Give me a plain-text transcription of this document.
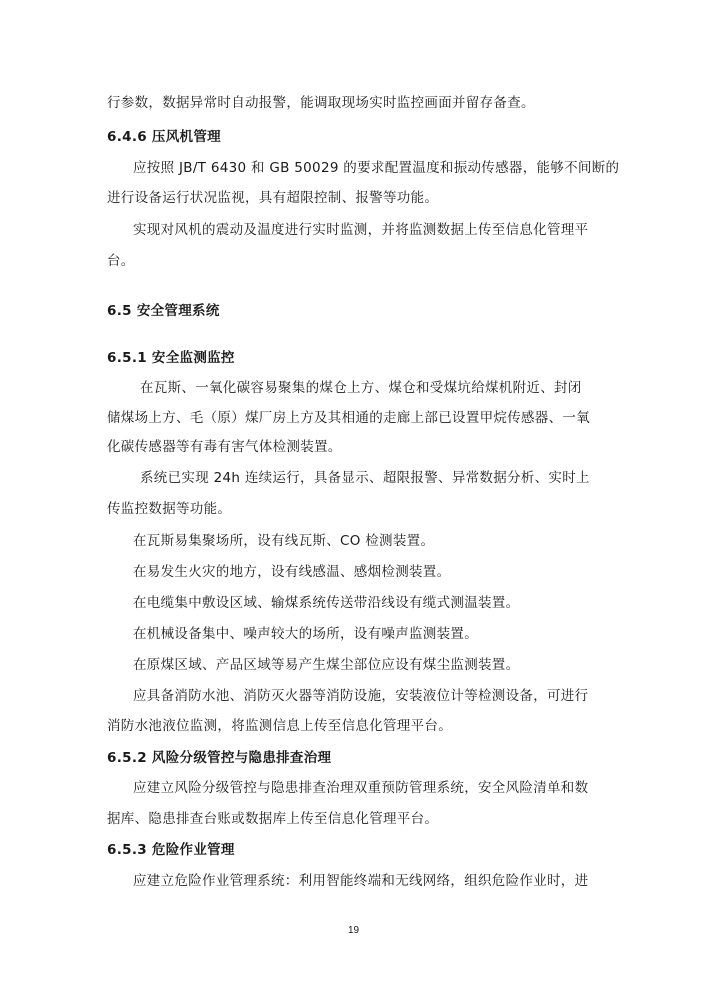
行参数，数据异常时自动报警，能调取现场实时监控画面并留存备查。
6.4.6 压风机管理
应按照 JB/T 6430 和 GB 50029 的要求配置温度和振动传感器，能够不间断的
进行设备运行状况监视，具有超限控制、报警等功能。
实现对风机的震动及温度进行实时监测，并将监测数据上传至信息化管理平
台。
6.5 安全管理系统
6.5.1 安全监测监控
在瓦斯、一氧化碳容易聚集的煤仓上方、煤仓和受煤坑给煤机附近、封闭
储煤场上方、毛（原）煤厂房上方及其相通的走廊上部已设置甲烷传感器、一氧
化碳传感器等有毒有害气体检测装置。
系统已实现 24h 连续运行，具备显示、超限报警、异常数据分析、实时上
传监控数据等功能。
在瓦斯易集聚场所，设有线瓦斯、CO 检测装置。
在易发生火灾的地方，设有线感温、感烟检测装置。
在电缆集中敷设区域、输煤系统传送带沿线设有缆式测温装置。
在机械设备集中、噪声较大的场所，设有噪声监测装置。
在原煤区域、产品区域等易产生煤尘部位应设有煤尘监测装置。
应具备消防水池、消防灭火器等消防设施，安装液位计等检测设备，可进行
消防水池液位监测，将监测信息上传至信息化管理平台。
6.5.2 风险分级管控与隐患排查治理
应建立风险分级管控与隐患排查治理双重预防管理系统，安全风险清单和数
据库、隐患排查台账或数据库上传至信息化管理平台。
6.5.3 危险作业管理
应建立危险作业管理系统：利用智能终端和无线网络，组织危险作业时，进
19
